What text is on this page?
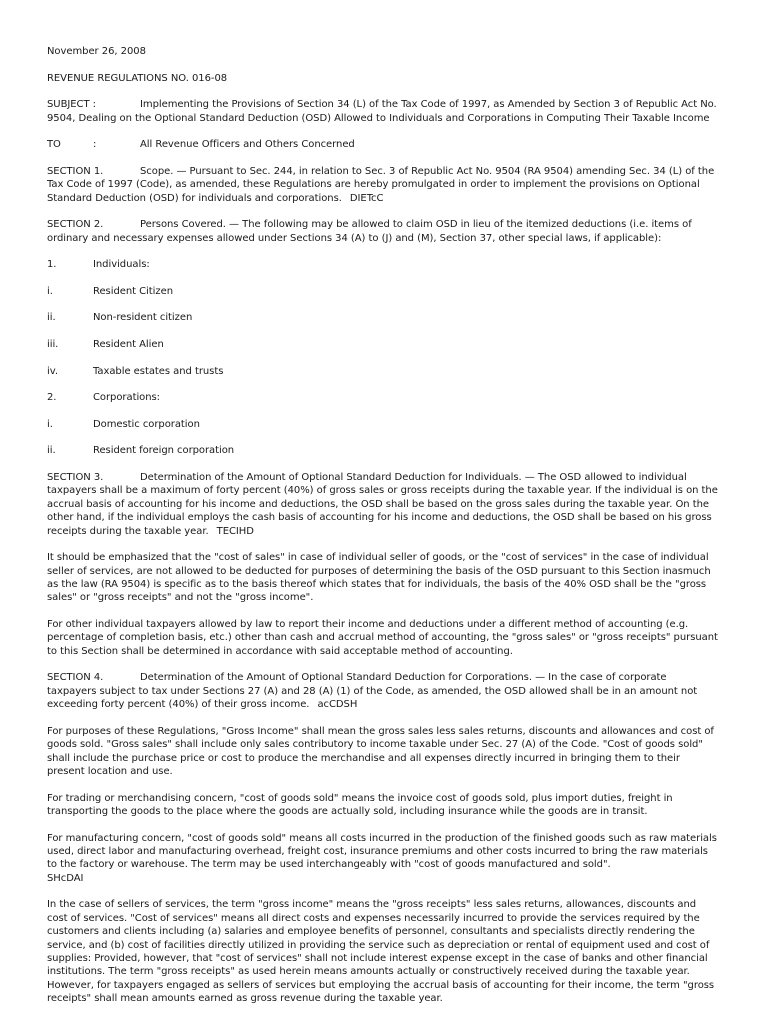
November 26, 2008

REVENUE REGULATIONS NO. 016-08

SUBJECT :	Implementing the Provisions of Section 34 (L) of the Tax Code of 1997, as Amended by Section 3 of Republic Act No. 9504, Dealing on the Optional Standard Deduction (OSD) Allowed to Individuals and Corporations in Computing Their Taxable Income

TO	:	All Revenue Officers and Others Concerned

SECTION 1.	Scope. — Pursuant to Sec. 244, in relation to Sec. 3 of Republic Act No. 9504 (RA 9504) amending Sec. 34 (L) of the Tax Code of 1997 (Code), as amended, these Regulations are hereby promulgated in order to implement the provisions on Optional Standard Deduction (OSD) for individuals and corporations. DIETcC

SECTION 2.	Persons Covered. — The following may be allowed to claim OSD in lieu of the itemized deductions (i.e. items of ordinary and necessary expenses allowed under Sections 34 (A) to (J) and (M), Section 37, other special laws, if applicable):

1.	Individuals:
i.	Resident Citizen
ii.	Non-resident citizen
iii.	Resident Alien
iv.	Taxable estates and trusts
2.	Corporations:
i.	Domestic corporation
ii.	Resident foreign corporation

SECTION 3.	Determination of the Amount of Optional Standard Deduction for Individuals. — The OSD allowed to individual taxpayers shall be a maximum of forty percent (40%) of gross sales or gross receipts during the taxable year. If the individual is on the accrual basis of accounting for his income and deductions, the OSD shall be based on the gross sales during the taxable year. On the other hand, if the individual employs the cash basis of accounting for his income and deductions, the OSD shall be based on his gross receipts during the taxable year. TECIHD

It should be emphasized that the "cost of sales" in case of individual seller of goods, or the "cost of services" in the case of individual seller of services, are not allowed to be deducted for purposes of determining the basis of the OSD pursuant to this Section inasmuch as the law (RA 9504) is specific as to the basis thereof which states that for individuals, the basis of the 40% OSD shall be the "gross sales" or "gross receipts" and not the "gross income".

For other individual taxpayers allowed by law to report their income and deductions under a different method of accounting (e.g. percentage of completion basis, etc.) other than cash and accrual method of accounting, the "gross sales" or "gross receipts" pursuant to this Section shall be determined in accordance with said acceptable method of accounting.

SECTION 4.	Determination of the Amount of Optional Standard Deduction for Corporations. — In the case of corporate taxpayers subject to tax under Sections 27 (A) and 28 (A) (1) of the Code, as amended, the OSD allowed shall be in an amount not exceeding forty percent (40%) of their gross income. acCDSH

For purposes of these Regulations, "Gross Income" shall mean the gross sales less sales returns, discounts and allowances and cost of goods sold. "Gross sales" shall include only sales contributory to income taxable under Sec. 27 (A) of the Code. "Cost of goods sold" shall include the purchase price or cost to produce the merchandise and all expenses directly incurred in bringing them to their present location and use.

For trading or merchandising concern, "cost of goods sold" means the invoice cost of goods sold, plus import duties, freight in transporting the goods to the place where the goods are actually sold, including insurance while the goods are in transit.

For manufacturing concern, "cost of goods sold" means all costs incurred in the production of the finished goods such as raw materials used, direct labor and manufacturing overhead, freight cost, insurance premiums and other costs incurred to bring the raw materials to the factory or warehouse. The term may be used interchangeably with "cost of goods manufactured and sold".
SHcDAI

In the case of sellers of services, the term "gross income" means the "gross receipts" less sales returns, allowances, discounts and cost of services. "Cost of services" means all direct costs and expenses necessarily incurred to provide the services required by the customers and clients including (a) salaries and employee benefits of personnel, consultants and specialists directly rendering the service, and (b) cost of facilities directly utilized in providing the service such as depreciation or rental of equipment used and cost of supplies: Provided, however, that "cost of services" shall not include interest expense except in the case of banks and other financial institutions. The term "gross receipts" as used herein means amounts actually or constructively received during the taxable year. However, for taxpayers engaged as sellers of services but employing the accrual basis of accounting for their income, the term "gross receipts" shall mean amounts earned as gross revenue during the taxable year.
